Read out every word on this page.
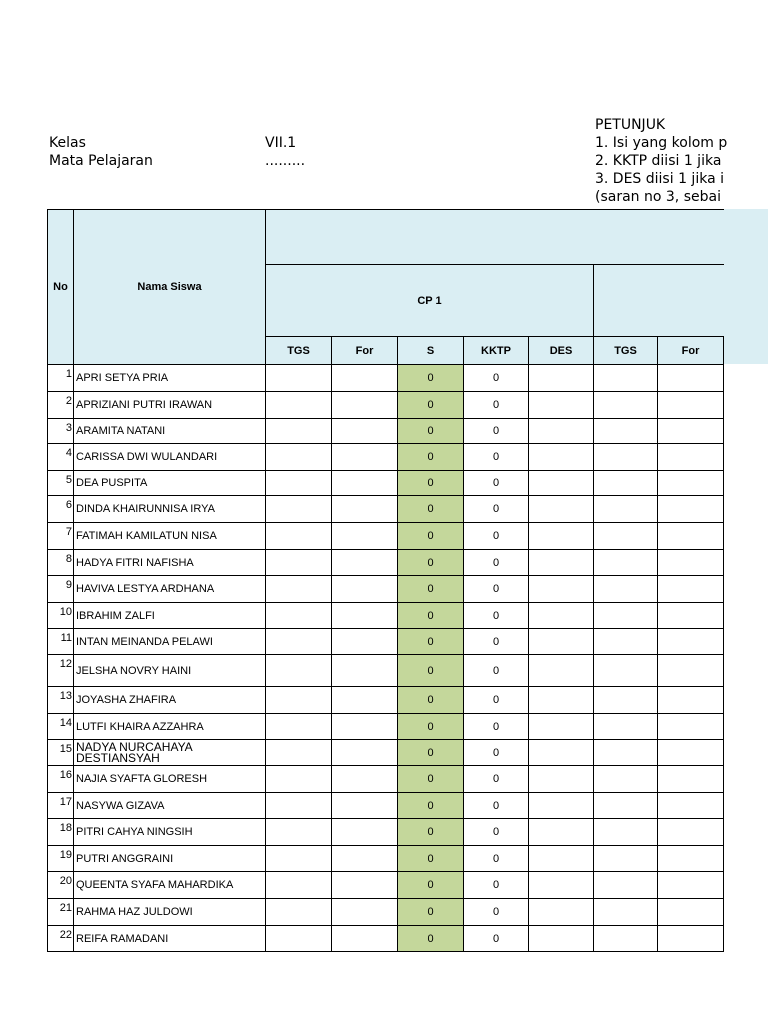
Kelas	VII.1
Mata Pelajaran	.........
PETUNJUK
1. Isi yang kolom p
2. KKTP diisi 1 jika
3. DES diisi 1 jika i
(saran no 3, sebai
No	Nama Siswa							
		CP 1						
		TGS	For	S	KKTP	DES	TGS	For
1	APRI SETYA PRIA			0	0			
2	APRIZIANI PUTRI IRAWAN			0	0			
3	ARAMITA NATANI			0	0			
4	CARISSA DWI WULANDARI			0	0			
5	DEA PUSPITA			0	0			
6	DINDA KHAIRUNNISA IRYA			0	0			
7	FATIMAH KAMILATUN NISA			0	0			
8	HADYA FITRI NAFISHA			0	0			
9	HAVIVA LESTYA ARDHANA			0	0			
10	IBRAHIM ZALFI			0	0			
11	INTAN MEINANDA PELAWI			0	0			
12	JELSHA NOVRY HAINI			0	0			
13	JOYASHA ZHAFIRA			0	0			
14	LUTFI KHAIRA AZZAHRA			0	0			
15	NADYA NURCAHAYA DESTIANSYAH			0	0			
16	NAJIA SYAFTA GLORESH			0	0			
17	NASYWA GIZAVA			0	0			
18	PITRI CAHYA NINGSIH			0	0			
19	PUTRI ANGGRAINI			0	0			
20	QUEENTA SYAFA MAHARDIKA			0	0			
21	RAHMA HAZ JULDOWI			0	0			
22	REIFA RAMADANI			0	0			
